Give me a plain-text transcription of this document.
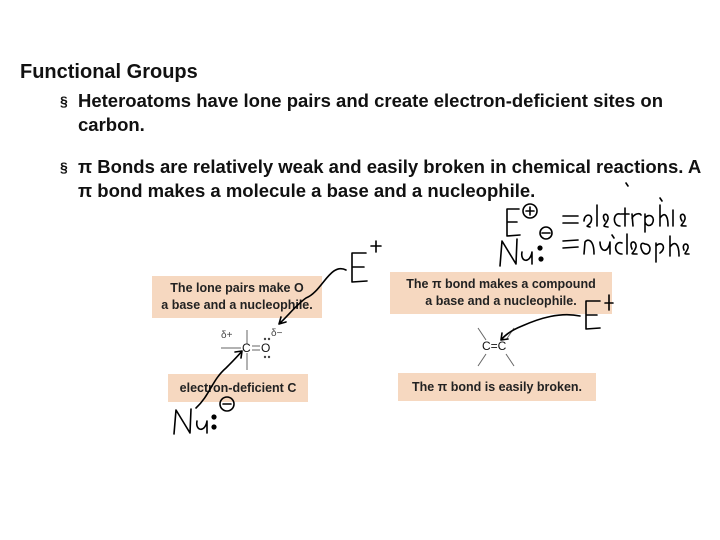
Functional Groups
§ Heteroatoms have lone pairs and create electron-deficient sites on carbon.
§ π Bonds are relatively weak and easily broken in chemical reactions. A π bond makes a molecule a base and a nucleophile.
The lone pairs make O
a base and a nucleophile.
electron-deficient C
δ+	δ−
C O
The π bond makes a compound
a base and a nucleophile.
The π bond is easily broken.
C=C
